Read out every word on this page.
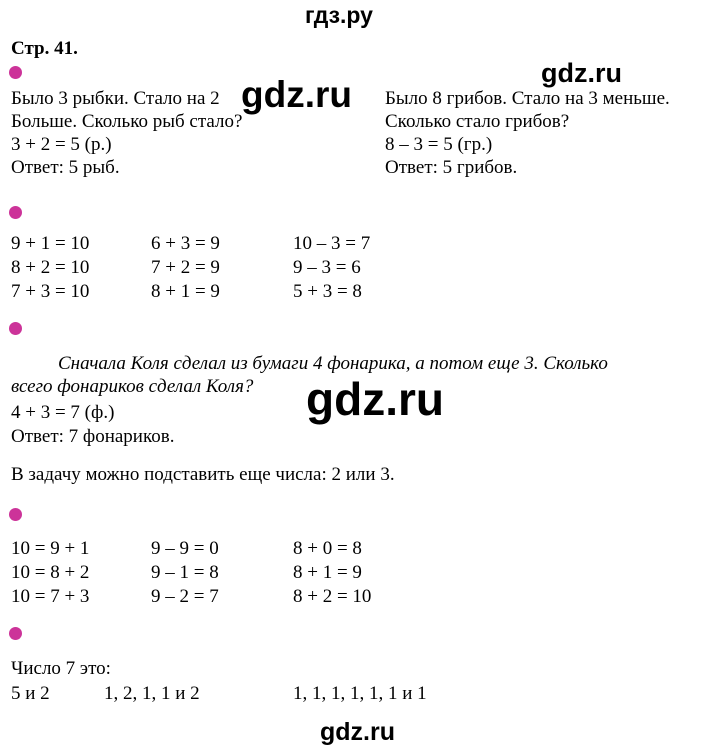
гдз.ру
Стр. 41.
gdz.ru
Было 3 рыбки. Стало на 2
Больше. Сколько рыб стало?
3 + 2 = 5 (р.)
Ответ: 5 рыб.
gdz.ru Было 8 грибов. Стало на 3 меньше.
Сколько стало грибов?
8 – 3 = 5 (гр.)
Ответ: 5 грибов.
9 + 1 = 10
8 + 2 = 10
7 + 3 = 10
6 + 3 = 9
7 + 2 = 9
8 + 1 = 9
10 – 3 = 7
9 – 3 = 6
5 + 3 = 8
Сначала Коля сделал из бумаги 4 фонарика, а потом еще 3. Сколько
всего фонариков сделал Коля?
4 + 3 = 7 (ф.)
Ответ: 7 фонариков.
gdz.ru
В задачу можно подставить еще числа: 2 или 3.
10 = 9 + 1
10 = 8 + 2
10 = 7 + 3
9 – 9 = 0
9 – 1 = 8
9 – 2 = 7
8 + 0 = 8
8 + 1 = 9
8 + 2 = 10
Число 7 это:
5 и 2	1, 2, 1, 1 и 2	1, 1, 1, 1, 1, 1 и 1
gdz.ru
